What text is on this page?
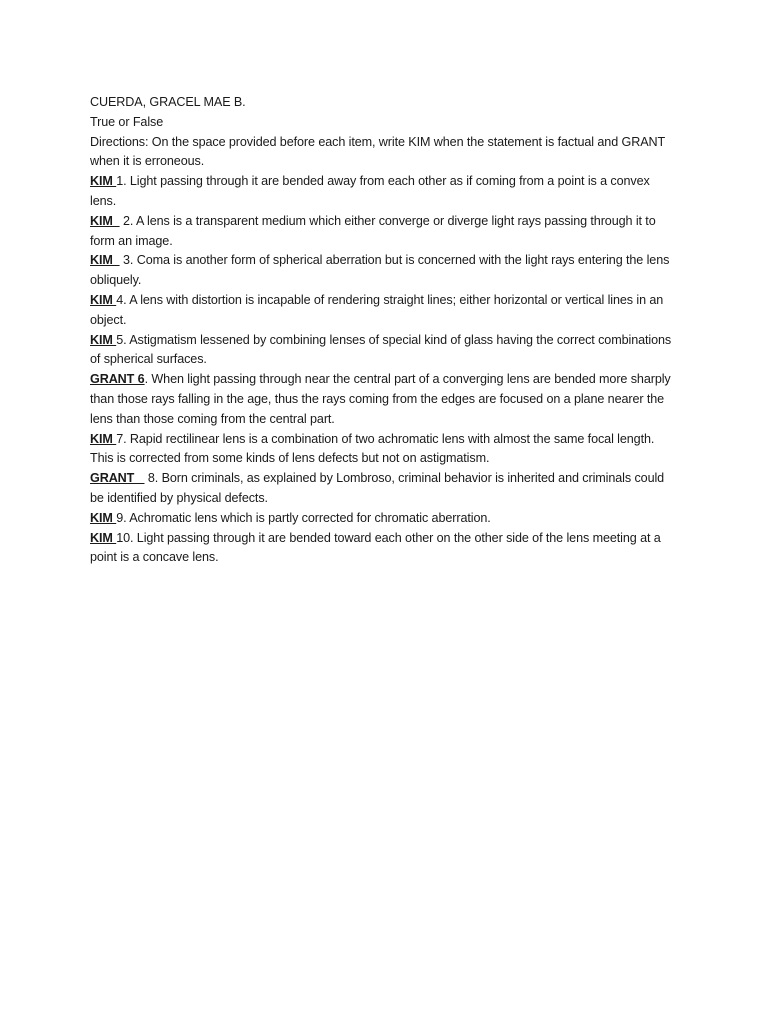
CUERDA, GRACEL MAE B.

True or False

Directions: On the space provided before each item, write KIM when the statement is factual and GRANT when it is erroneous.

KIM 1. Light passing through it are bended away from each other as if coming from a point is a convex lens.

KIM   2. A lens is a transparent medium which either converge or diverge light rays passing through it to form an image.

KIM   3. Coma is another form of spherical aberration but is concerned with the light rays entering the lens obliquely.

KIM 4. A lens with distortion is incapable of rendering straight lines; either horizontal or vertical lines in an object.

KIM 5. Astigmatism lessened by combining lenses of special kind of glass having the correct combinations of spherical surfaces.

GRANT 6. When light passing through near the central part of a converging lens are bended more sharply than those rays falling in the age, thus the rays coming from the edges are focused on a plane nearer the lens than those coming from the central part.

KIM 7. Rapid rectilinear lens is a combination of two achromatic lens with almost the same focal length. This is corrected from some kinds of lens defects but not on astigmatism.

GRANT    8. Born criminals, as explained by Lombroso, criminal behavior is inherited and criminals could be identified by physical defects.

KIM 9. Achromatic lens which is partly corrected for chromatic aberration.

KIM 10. Light passing through it are bended toward each other on the other side of the lens meeting at a point is a concave lens.
